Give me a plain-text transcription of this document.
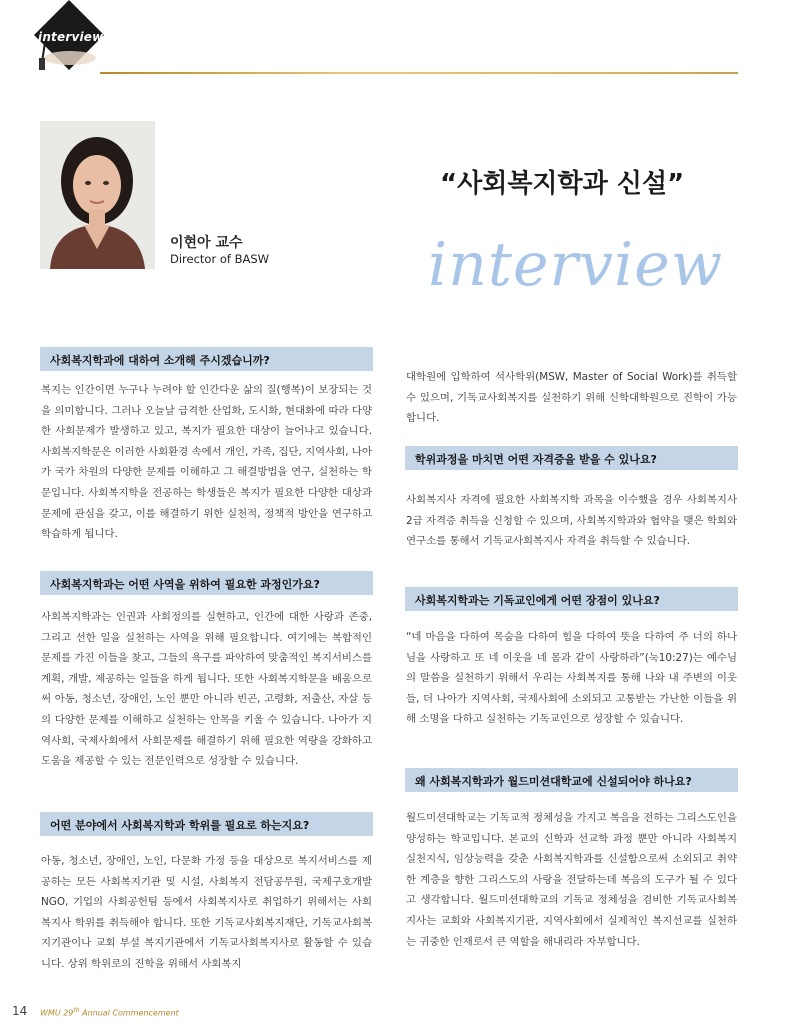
interview
이현아 교수
Director of BASW
“사회복지학과 신설”
interview
사회복지학과에 대하여 소개해 주시겠습니까?
복지는 인간이면 누구나 누려야 할 인간다운 삶의 질(행복)이 보장되는 것을 의미합니다. 그러나 오늘날 급격한 산업화, 도시화, 현대화에 따라 다양한 사회문제가 발생하고 있고, 복지가 필요한 대상이 늘어나고 있습니다. 사회복지학문은 이러한 사회환경 속에서 개인, 가족, 집단, 지역사회, 나아가 국가 차원의 다양한 문제를 이해하고 그 해결방법을 연구, 실천하는 학문입니다. 사회복지학을 전공하는 학생들은 복지가 필요한 다양한 대상과 문제에 관심을 갖고, 이를 해결하기 위한 실천적, 정책적 방안을 연구하고 학습하게 됩니다.
사회복지학과는 어떤 사역을 위하여 필요한 과정인가요?
사회복지학과는 인권과 사회정의를 실현하고, 인간에 대한 사랑과 존중, 그리고 선한 일을 실천하는 사역을 위해 필요합니다. 여기에는 복합적인 문제를 가진 이들을 찾고, 그들의 욕구를 파악하여 맞춤적인 복지서비스를 계획, 개발, 제공하는 일들을 하게 됩니다. 또한 사회복지학문을 배움으로써 아동, 청소년, 장애인, 노인 뿐만 아니라 빈곤, 고령화, 저출산, 자살 등의 다양한 문제를 이해하고 실천하는 안목을 키울 수 있습니다. 나아가 지역사회, 국제사회에서 사회문제를 해결하기 위해 필요한 역량을 강화하고 도움을 제공할 수 있는 전문인력으로 성장할 수 있습니다.
어떤 분야에서 사회복지학과 학위를 필요로 하는지요?
아동, 청소년, 장애인, 노인, 다문화 가정 등을 대상으로 복지서비스를 제공하는 모든 사회복지기관 및 시설, 사회복지 전담공무원, 국제구호개발 NGO, 기업의 사회공헌팀 등에서 사회복지사로 취업하기 위해서는 사회복지사 학위를 취득해야 합니다. 또한 기독교사회복지재단, 기독교사회복지기관이나 교회 부설 복지기관에서 기독교사회복지사로 활동할 수 있습니다. 상위 학위로의 진학을 위해서 사회복지
대학원에 입학하여 석사학위(MSW, Master of Social Work)를 취득할 수 있으며, 기독교사회복지를 실천하기 위해 신학대학원으로 진학이 가능합니다.
학위과정을 마치면 어떤 자격증을 받을 수 있나요?
사회복지사 자격에 필요한 사회복지학 과목을 이수했을 경우 사회복지사 2급 자격증 취득을 신청할 수 있으며, 사회복지학과와 협약을 맺은 학회와 연구소를 통해서 기독교사회복지사 자격을 취득할 수 있습니다.
사회복지학과는 기독교인에게 어떤 장점이 있나요?
“네 마음을 다하여 목숨을 다하여 힘을 다하여 뜻을 다하여 주 너의 하나님을 사랑하고 또 네 이웃을 네 몸과 같이 사랑하라”(눅10:27)는 예수님의 말씀을 실천하기 위해서 우리는 사회복지를 통해 나와 내 주변의 이웃들, 더 나아가 지역사회, 국제사회에 소외되고 고통받는 가난한 이들을 위해 소명을 다하고 실천하는 기독교인으로 성장할 수 있습니다.
왜 사회복지학과가 월드미션대학교에 신설되어야 하나요?
월드미션대학교는 기독교적 정체성을 가지고 복음을 전하는 그리스도인을 양성하는 학교입니다. 본교의 신학과 선교학 과정 뿐만 아니라 사회복지 실천지식, 임상능력을 갖춘 사회복지학과를 신설함으로써 소외되고 취약한 계층을 향한 그리스도의 사랑을 전달하는데 복음의 도구가 될 수 있다고 생각합니다. 월드미션대학교의 기독교 정체성을 겸비한 기독교사회복지사는 교회와 사회복지기관, 지역사회에서 실제적인 복지선교를 실천하는 귀중한 인재로서 큰 역할을 해내리라 자부합니다.
14 WMU 29th Annual Commencement
